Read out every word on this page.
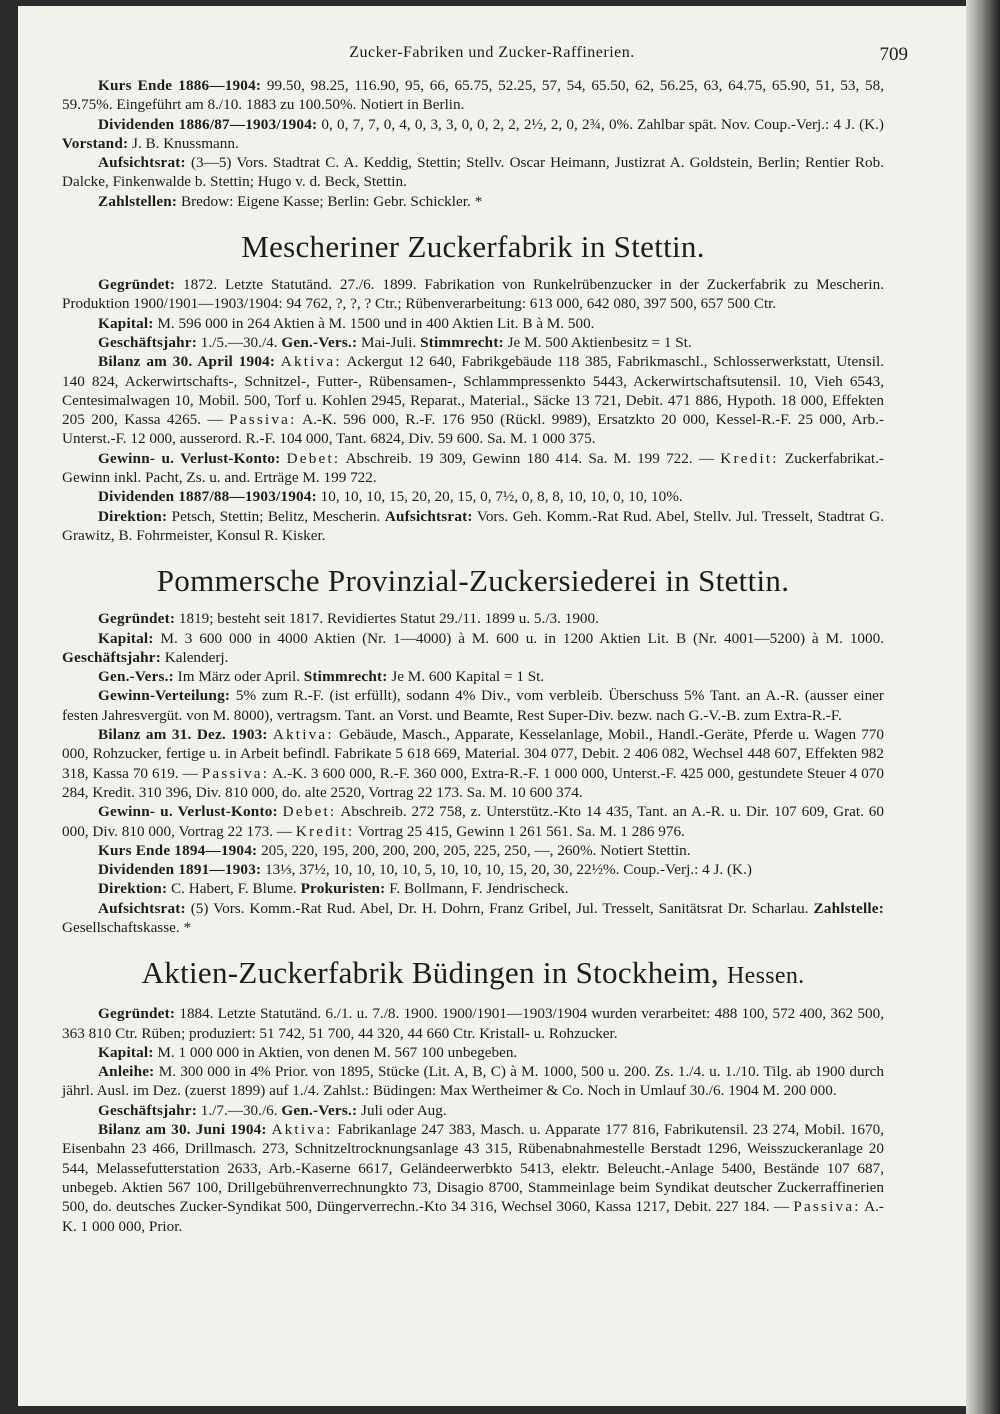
Zucker-Fabriken und Zucker-Raffinerien.	709

Kurs Ende 1886—1904: 99.50, 98.25, 116.90, 95, 66, 65.75, 52.25, 57, 54, 65.50, 62, 56.25, 63, 64.75, 65.90, 51, 53, 58, 59.75%. Eingeführt am 8./10. 1883 zu 100.50%. Notiert in Berlin.

Dividenden 1886/87—1903/1904: 0, 0, 7, 7, 0, 4, 0, 3, 3, 0, 0, 2, 2, 2½, 2, 0, 2¾, 0%. Zahlbar spät. Nov. Coup.-Verj.: 4 J. (K.) Vorstand: J. B. Knussmann.

Aufsichtsrat: (3—5) Vors. Stadtrat C. A. Keddig, Stettin; Stellv. Oscar Heimann, Justizrat A. Goldstein, Berlin; Rentier Rob. Dalcke, Finkenwalde b. Stettin; Hugo v. d. Beck, Stettin.

Zahlstellen: Bredow: Eigene Kasse; Berlin: Gebr. Schickler. *

Mescheriner Zuckerfabrik in Stettin.

Gegründet: 1872. Letzte Statutänd. 27./6. 1899. Fabrikation von Runkelrübenzucker in der Zuckerfabrik zu Mescherin. Produktion 1900/1901—1903/1904: 94 762, ?, ?, ? Ctr.; Rübenverarbeitung: 613 000, 642 080, 397 500, 657 500 Ctr.

Kapital: M. 596 000 in 264 Aktien à M. 1500 und in 400 Aktien Lit. B à M. 500.

Geschäftsjahr: 1./5.—30./4. Gen.-Vers.: Mai-Juli. Stimmrecht: Je M. 500 Aktienbesitz = 1 St.

Bilanz am 30. April 1904: Aktiva: Ackergut 12 640, Fabrikgebäude 118 385, Fabrikmaschl., Schlosserwerkstatt, Utensil. 140 824, Ackerwirtschafts-, Schnitzel-, Futter-, Rübensamen-, Schlammpressenkto 5443, Ackerwirtschaftsutensil. 10, Vieh 6543, Centesimalwagen 10, Mobil. 500, Torf u. Kohlen 2945, Reparat., Material., Säcke 13 721, Debit. 471 886, Hypoth. 18 000, Effekten 205 200, Kassa 4265. — Passiva: A.-K. 596 000, R.-F. 176 950 (Rückl. 9989), Ersatzkto 20 000, Kessel-R.-F. 25 000, Arb.-Unterst.-F. 12 000, ausserord. R.-F. 104 000, Tant. 6824, Div. 59 600. Sa. M. 1 000 375.

Gewinn- u. Verlust-Konto: Debet: Abschreib. 19 309, Gewinn 180 414. Sa. M. 199 722. — Kredit: Zuckerfabrikat.-Gewinn inkl. Pacht, Zs. u. and. Erträge M. 199 722.

Dividenden 1887/88—1903/1904: 10, 10, 10, 15, 20, 20, 15, 0, 7½, 0, 8, 8, 10, 10, 0, 10, 10%.

Direktion: Petsch, Stettin; Belitz, Mescherin. Aufsichtsrat: Vors. Geh. Komm.-Rat Rud. Abel, Stellv. Jul. Tresselt, Stadtrat G. Grawitz, B. Fohrmeister, Konsul R. Kisker.

Pommersche Provinzial-Zuckersiederei in Stettin.

Gegründet: 1819; besteht seit 1817. Revidiertes Statut 29./11. 1899 u. 5./3. 1900.

Kapital: M. 3 600 000 in 4000 Aktien (Nr. 1—4000) à M. 600 u. in 1200 Aktien Lit. B (Nr. 4001—5200) à M. 1000. Geschäftsjahr: Kalenderj.

Gen.-Vers.: Im März oder April. Stimmrecht: Je M. 600 Kapital = 1 St.

Gewinn-Verteilung: 5% zum R.-F. (ist erfüllt), sodann 4% Div., vom verbleib. Überschuss 5% Tant. an A.-R. (ausser einer festen Jahresvergüt. von M. 8000), vertragsm. Tant. an Vorst. und Beamte, Rest Super-Div. bezw. nach G.-V.-B. zum Extra-R.-F.

Bilanz am 31. Dez. 1903: Aktiva: Gebäude, Masch., Apparate, Kesselanlage, Mobil., Handl.-Geräte, Pferde u. Wagen 770 000, Rohzucker, fertige u. in Arbeit befindl. Fabrikate 5 618 669, Material. 304 077, Debit. 2 406 082, Wechsel 448 607, Effekten 982 318, Kassa 70 619. — Passiva: A.-K. 3 600 000, R.-F. 360 000, Extra-R.-F. 1 000 000, Unterst.-F. 425 000, gestundete Steuer 4 070 284, Kredit. 310 396, Div. 810 000, do. alte 2520, Vortrag 22 173. Sa. M. 10 600 374.

Gewinn- u. Verlust-Konto: Debet: Abschreib. 272 758, z. Unterstütz.-Kto 14 435, Tant. an A.-R. u. Dir. 107 609, Grat. 60 000, Div. 810 000, Vortrag 22 173. — Kredit: Vortrag 25 415, Gewinn 1 261 561. Sa. M. 1 286 976.

Kurs Ende 1894—1904: 205, 220, 195, 200, 200, 200, 205, 225, 250, —, 260%. Notiert Stettin.

Dividenden 1891—1903: 13⅓, 37½, 10, 10, 10, 10, 5, 10, 10, 10, 15, 20, 30, 22½%. Coup.-Verj.: 4 J. (K.)

Direktion: C. Habert, F. Blume. Prokuristen: F. Bollmann, F. Jendrischeck.

Aufsichtsrat: (5) Vors. Komm.-Rat Rud. Abel, Dr. H. Dohrn, Franz Gribel, Jul. Tresselt, Sanitätsrat Dr. Scharlau. Zahlstelle: Gesellschaftskasse. *

Aktien-Zuckerfabrik Büdingen in Stockheim, Hessen.

Gegründet: 1884. Letzte Statutänd. 6./1. u. 7./8. 1900. 1900/1901—1903/1904 wurden verarbeitet: 488 100, 572 400, 362 500, 363 810 Ctr. Rüben; produziert: 51 742, 51 700, 44 320, 44 660 Ctr. Kristall- u. Rohzucker.

Kapital: M. 1 000 000 in Aktien, von denen M. 567 100 unbegeben.

Anleihe: M. 300 000 in 4% Prior. von 1895, Stücke (Lit. A, B, C) à M. 1000, 500 u. 200. Zs. 1./4. u. 1./10. Tilg. ab 1900 durch jährl. Ausl. im Dez. (zuerst 1899) auf 1./4. Zahlst.: Büdingen: Max Wertheimer & Co. Noch in Umlauf 30./6. 1904 M. 200 000.

Geschäftsjahr: 1./7.—30./6. Gen.-Vers.: Juli oder Aug.

Bilanz am 30. Juni 1904: Aktiva: Fabrikanlage 247 383, Masch. u. Apparate 177 816, Fabrikutensil. 23 274, Mobil. 1670, Eisenbahn 23 466, Drillmasch. 273, Schnitzeltrocknungsanlage 43 315, Rübenabnahmestelle Berstadt 1296, Weisszuckeranlage 20 544, Melassefutterstation 2633, Arb.-Kaserne 6617, Geländeerwerbkto 5413, elektr. Beleucht.-Anlage 5400, Bestände 107 687, unbegeb. Aktien 567 100, Drillgebührenverrechnungkto 73, Disagio 8700, Stammeinlage beim Syndikat deutscher Zuckerraffinerien 500, do. deutsches Zucker-Syndikat 500, Düngerverrechn.-Kto 34 316, Wechsel 3060, Kassa 1217, Debit. 227 184. — Passiva: A.-K. 1 000 000, Prior.
